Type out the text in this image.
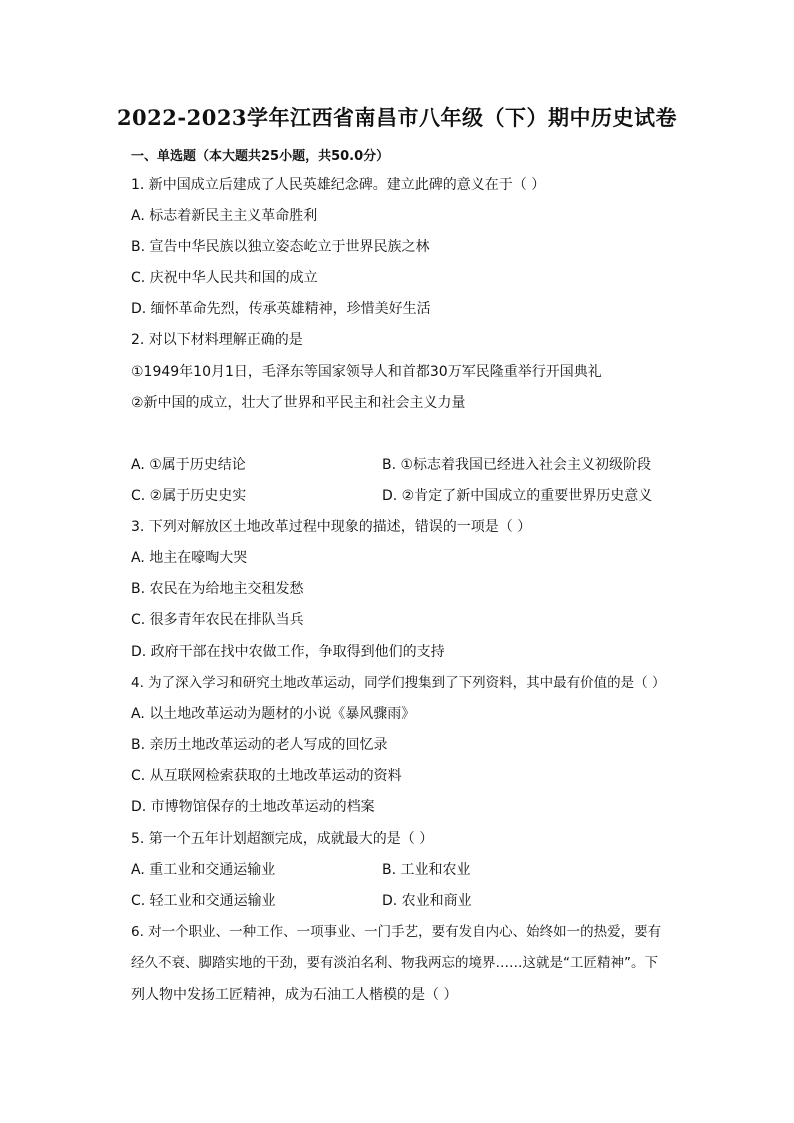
2022-2023学年江西省南昌市八年级（下）期中历史试卷
一、单选题（本大题共25小题，共50.0分）
1. 新中国成立后建成了人民英雄纪念碑。建立此碑的意义在于（ ）
A. 标志着新民主主义革命胜利
B. 宣告中华民族以独立姿态屹立于世界民族之林
C. 庆祝中华人民共和国的成立
D. 缅怀革命先烈，传承英雄精神，珍惜美好生活
2. 对以下材料理解正确的是
①1949年10月1日，毛泽东等国家领导人和首都30万军民隆重举行开国典礼
②新中国的成立，壮大了世界和平民主和社会主义力量
A. ①属于历史结论	B. ①标志着我国已经进入社会主义初级阶段
C. ②属于历史史实	D. ②肯定了新中国成立的重要世界历史意义
3. 下列对解放区土地改革过程中现象的描述，错误的一项是（ ）
A. 地主在嚎啕大哭
B. 农民在为给地主交租发愁
C. 很多青年农民在排队当兵
D. 政府干部在找中农做工作，争取得到他们的支持
4. 为了深入学习和研究土地改革运动，同学们搜集到了下列资料，其中最有价值的是（ ）
A. 以土地改革运动为题材的小说《暴风骤雨》
B. 亲历土地改革运动的老人写成的回忆录
C. 从互联网检索获取的土地改革运动的资料
D. 市博物馆保存的土地改革运动的档案
5. 第一个五年计划超额完成，成就最大的是（ ）
A. 重工业和交通运输业	B. 工业和农业
C. 轻工业和交通运输业	D. 农业和商业
6. 对一个职业、一种工作、一项事业、一门手艺，要有发自内心、始终如一的热爱，要有
经久不衰、脚踏实地的干劲，要有淡泊名利、物我两忘的境界……这就是“工匠精神”。下
列人物中发扬工匠精神，成为石油工人楷模的是（ ）
